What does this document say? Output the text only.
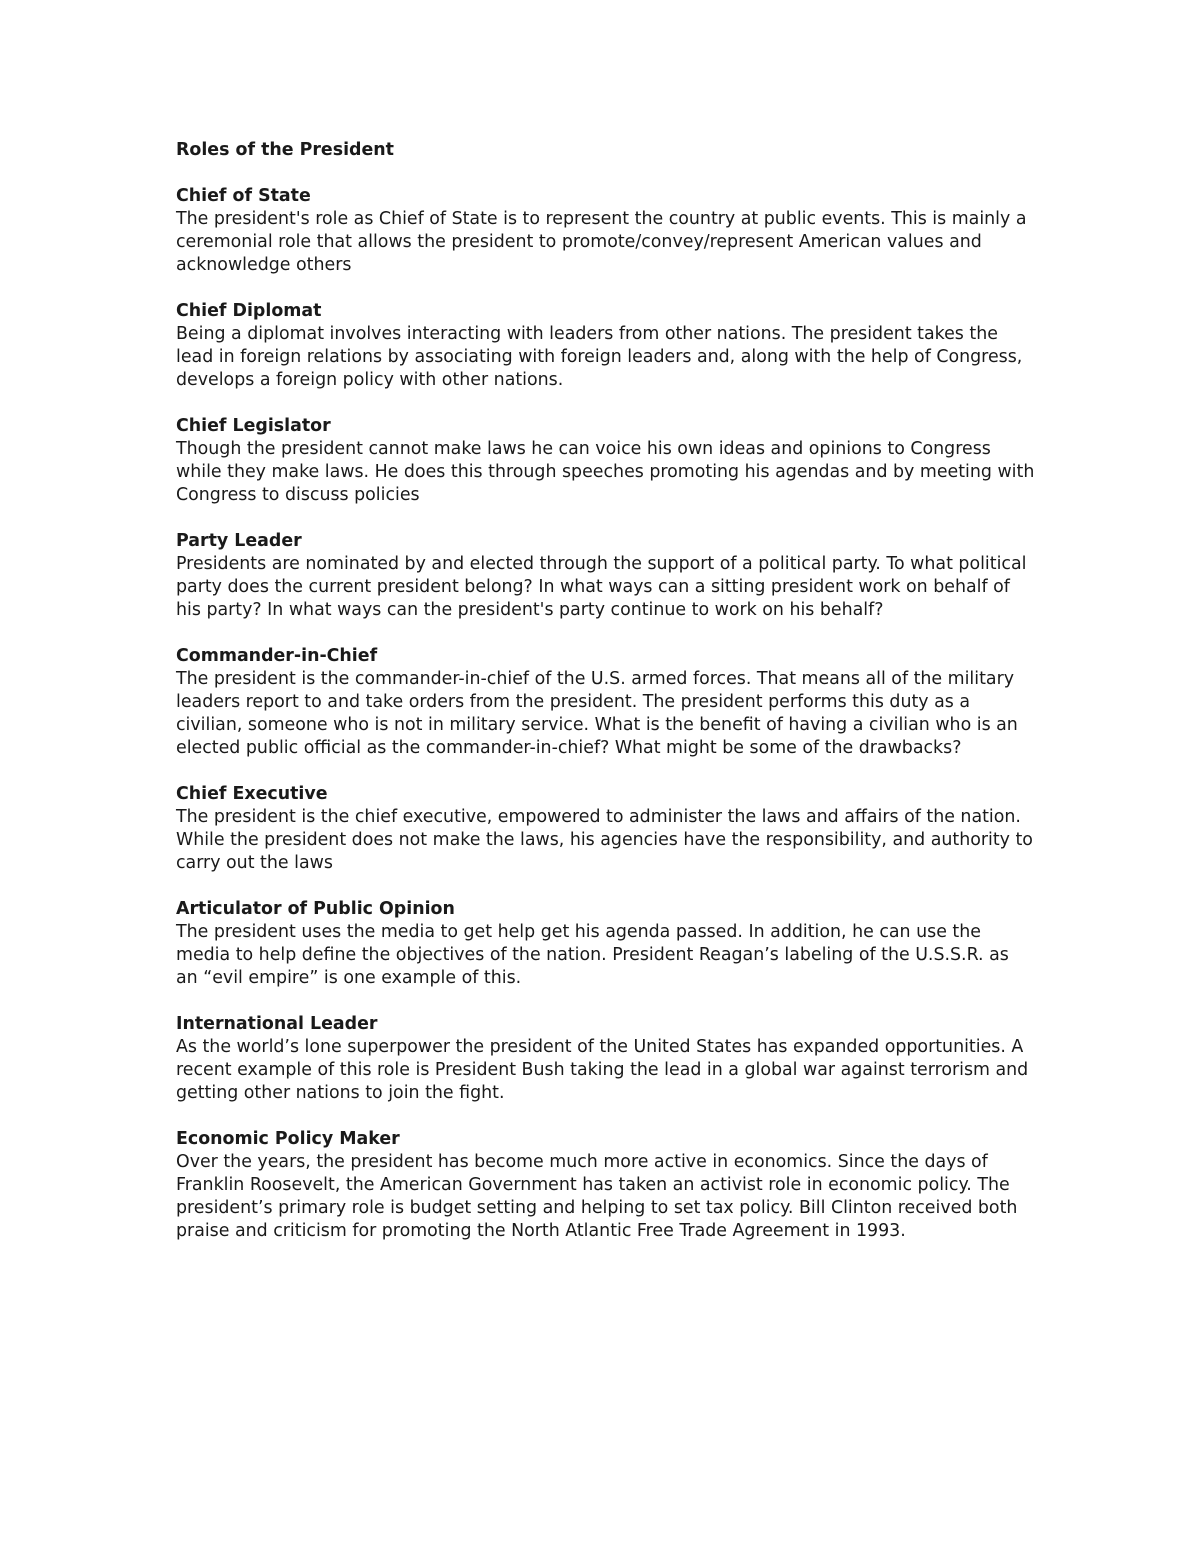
Roles of the President
Chief of State

The president's role as Chief of State is to represent the country at public events. This is mainly a ceremonial role that allows the president to promote/convey/represent American values and acknowledge others

Chief Diplomat

Being a diplomat involves interacting with leaders from other nations. The president takes the lead in foreign relations by associating with foreign leaders and, along with the help of Congress, develops a foreign policy with other nations.

Chief Legislator

Though the president cannot make laws he can voice his own ideas and opinions to Congress while they make laws. He does this through speeches promoting his agendas and by meeting with Congress to discuss policies

Party Leader

Presidents are nominated by and elected through the support of a political party. To what political party does the current president belong? In what ways can a sitting president work on behalf of his party? In what ways can the president's party continue to work on his behalf?

Commander-in-Chief

The president is the commander-in-chief of the U.S. armed forces. That means all of the military leaders report to and take orders from the president. The president performs this duty as a civilian, someone who is not in military service. What is the benefit of having a civilian who is an elected public official as the commander-in-chief? What might be some of the drawbacks?

Chief Executive

The president is the chief executive, empowered to administer the laws and affairs of the nation. While the president does not make the laws, his agencies have the responsibility, and authority to carry out the laws

Articulator of Public Opinion

The president uses the media to get help get his agenda passed. In addition, he can use the media to help define the objectives of the nation. President Reagan’s labeling of the U.S.S.R. as an “evil empire” is one example of this.

International Leader

As the world’s lone superpower the president of the United States has expanded opportunities. A recent example of this role is President Bush taking the lead in a global war against terrorism and getting other nations to join the fight.

Economic Policy Maker

Over the years, the president has become much more active in economics. Since the days of Franklin Roosevelt, the American Government has taken an activist role in economic policy. The president’s primary role is budget setting and helping to set tax policy. Bill Clinton received both praise and criticism for promoting the North Atlantic Free Trade Agreement in 1993.
